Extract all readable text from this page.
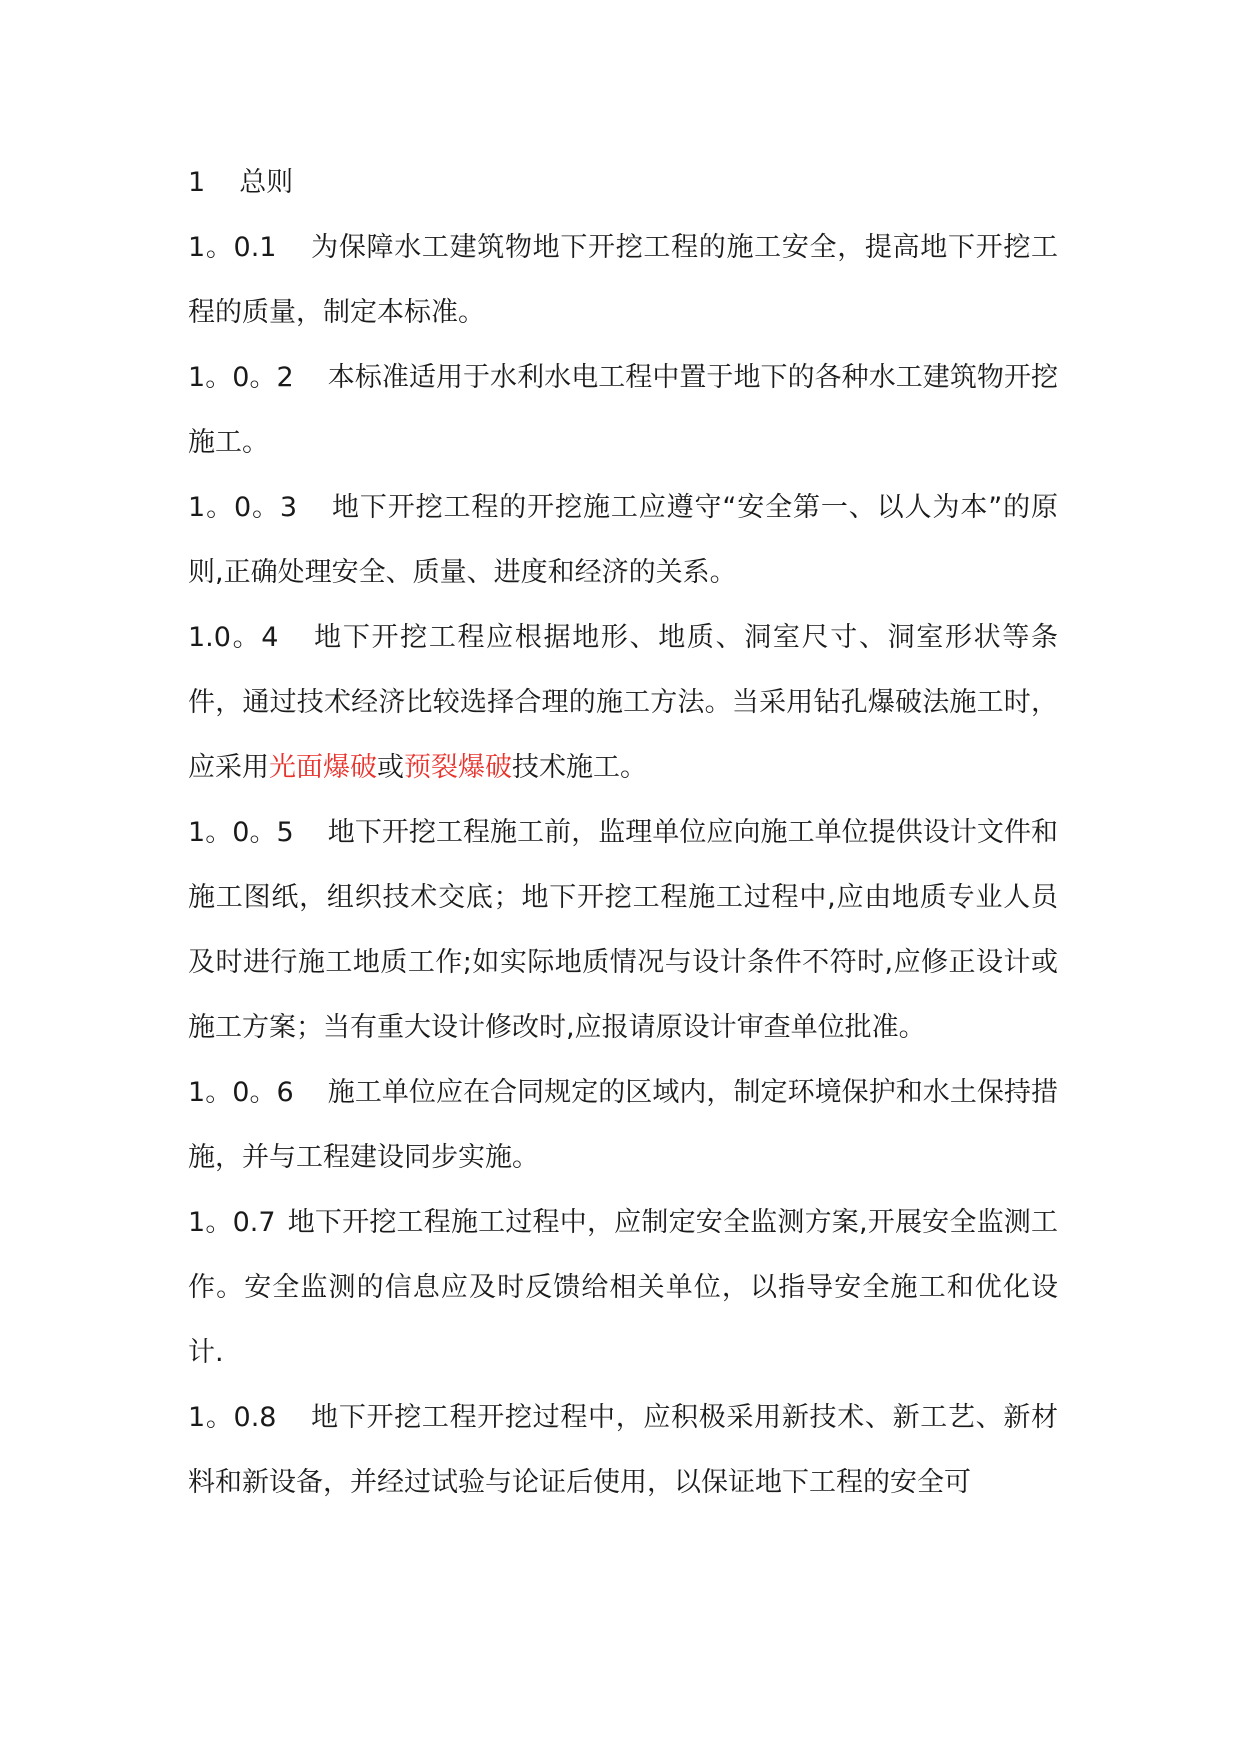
1 总则

1。0.1 为保障水工建筑物地下开挖工程的施工安全，提高地下开挖工程的质量，制定本标准。

1。0。2 本标准适用于水利水电工程中置于地下的各种水工建筑物开挖施工。

1。0。3 地下开挖工程的开挖施工应遵守“安全第一、以人为本”的原则,正确处理安全、质量、进度和经济的关系。

1.0。4 地下开挖工程应根据地形、地质、洞室尺寸、洞室形状等条件，通过技术经济比较选择合理的施工方法。当采用钻孔爆破法施工时，应采用光面爆破或预裂爆破技术施工。

1。0。5 地下开挖工程施工前，监理单位应向施工单位提供设计文件和施工图纸，组织技术交底；地下开挖工程施工过程中,应由地质专业人员及时进行施工地质工作;如实际地质情况与设计条件不符时,应修正设计或施工方案；当有重大设计修改时,应报请原设计审查单位批准。

1。0。6 施工单位应在合同规定的区域内，制定环境保护和水土保持措施，并与工程建设同步实施。

1。0.7 地下开挖工程施工过程中，应制定安全监测方案,开展安全监测工作。安全监测的信息应及时反馈给相关单位，以指导安全施工和优化设计.

1。0.8 地下开挖工程开挖过程中，应积极采用新技术、新工艺、新材料和新设备，并经过试验与论证后使用，以保证地下工程的安全可
